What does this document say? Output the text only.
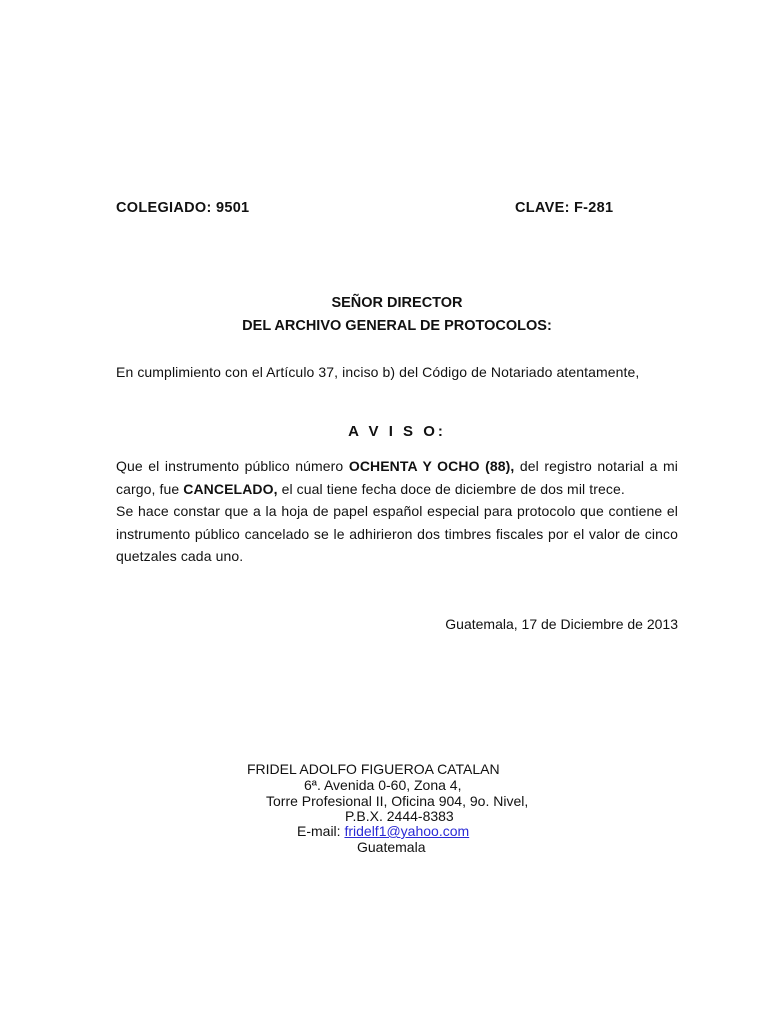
COLEGIADO: 9501	CLAVE: F-281
SEÑOR DIRECTOR
DEL ARCHIVO GENERAL DE PROTOCOLOS:
En cumplimiento con el Artículo 37, inciso b) del Código de Notariado atentamente,
A V I S O:
Que el instrumento público número OCHENTA Y OCHO (88), del registro notarial a mi cargo, fue CANCELADO, el cual tiene fecha doce de diciembre de dos mil trece.
Se hace constar que a la hoja de papel español especial para protocolo que contiene el instrumento público cancelado se le adhirieron dos timbres fiscales por el valor de cinco quetzales cada uno.
Guatemala, 17 de Diciembre de 2013
FRIDEL ADOLFO FIGUEROA CATALAN
6ª. Avenida 0-60, Zona 4,
Torre Profesional II, Oficina 904, 9o. Nivel,
P.B.X. 2444-8383
E-mail: fridelf1@yahoo.com
Guatemala
